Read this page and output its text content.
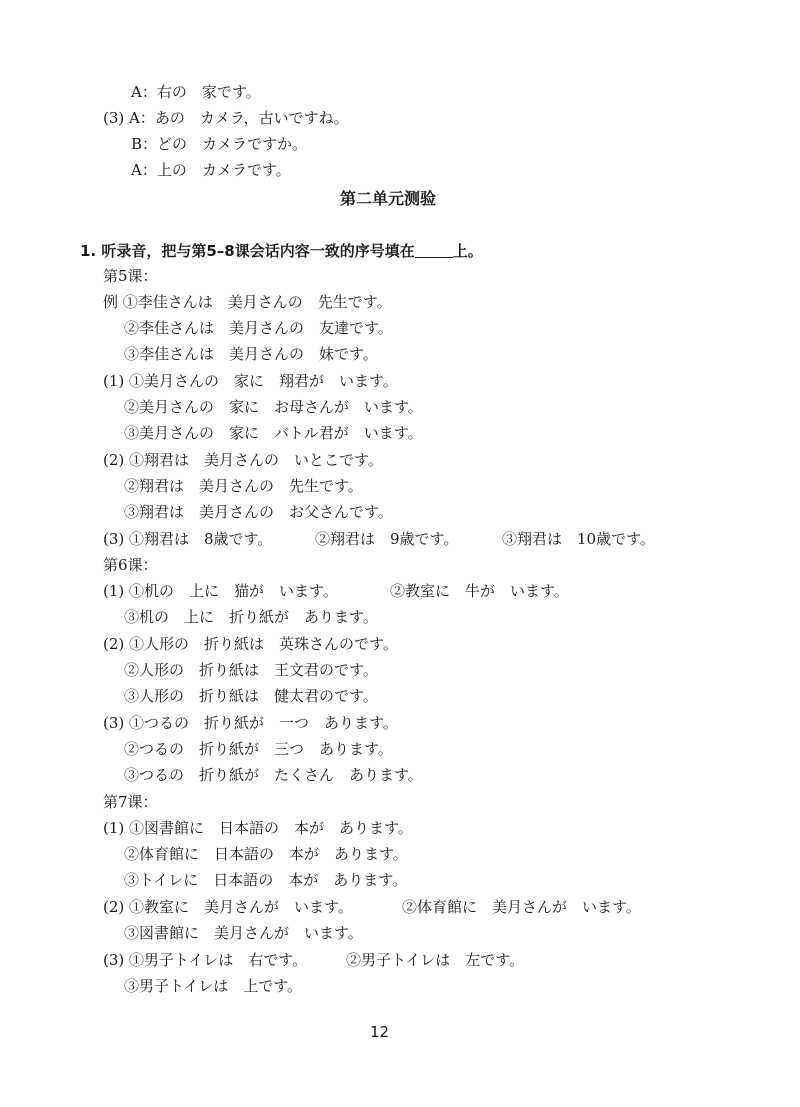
A：右の　家です。
(3) A：あの　カメラ，古いですね。
B：どの　カメラですか。
A：上の　カメラです。
第二单元测验
1. 听录音，把与第5–8课会话内容一致的序号填在	上。
第5课：
例 ①李佳さんは　美月さんの　先生です。
②李佳さんは　美月さんの　友達です。
③李佳さんは　美月さんの　妹です。
(1) ①美月さんの　家に　翔君が　います。
②美月さんの　家に　お母さんが　います。
③美月さんの　家に　バトル君が　います。
(2) ①翔君は　美月さんの　いとこです。
②翔君は　美月さんの　先生です。
③翔君は　美月さんの　お父さんです。
(3) ①翔君は　8歳です。	②翔君は　9歳です。	③翔君は　10歳です。
第6课：
(1) ①机の　上に　猫が　います。	②教室に　牛が　います。
③机の　上に　折り紙が　あります。
(2) ①人形の　折り紙は　英珠さんのです。
②人形の　折り紙は　王文君のです。
③人形の　折り紙は　健太君のです。
(3) ①つるの　折り紙が　一つ　あります。
②つるの　折り紙が　三つ　あります。
③つるの　折り紙が　たくさん　あります。
第7课：
(1) ①図書館に　日本語の　本が　あります。
②体育館に　日本語の　本が　あります。
③トイレに　日本語の　本が　あります。
(2) ①教室に　美月さんが　います。	②体育館に　美月さんが　います。
③図書館に　美月さんが　います。
(3) ①男子トイレは　右です。	②男子トイレは　左です。
③男子トイレは　上です。
12
